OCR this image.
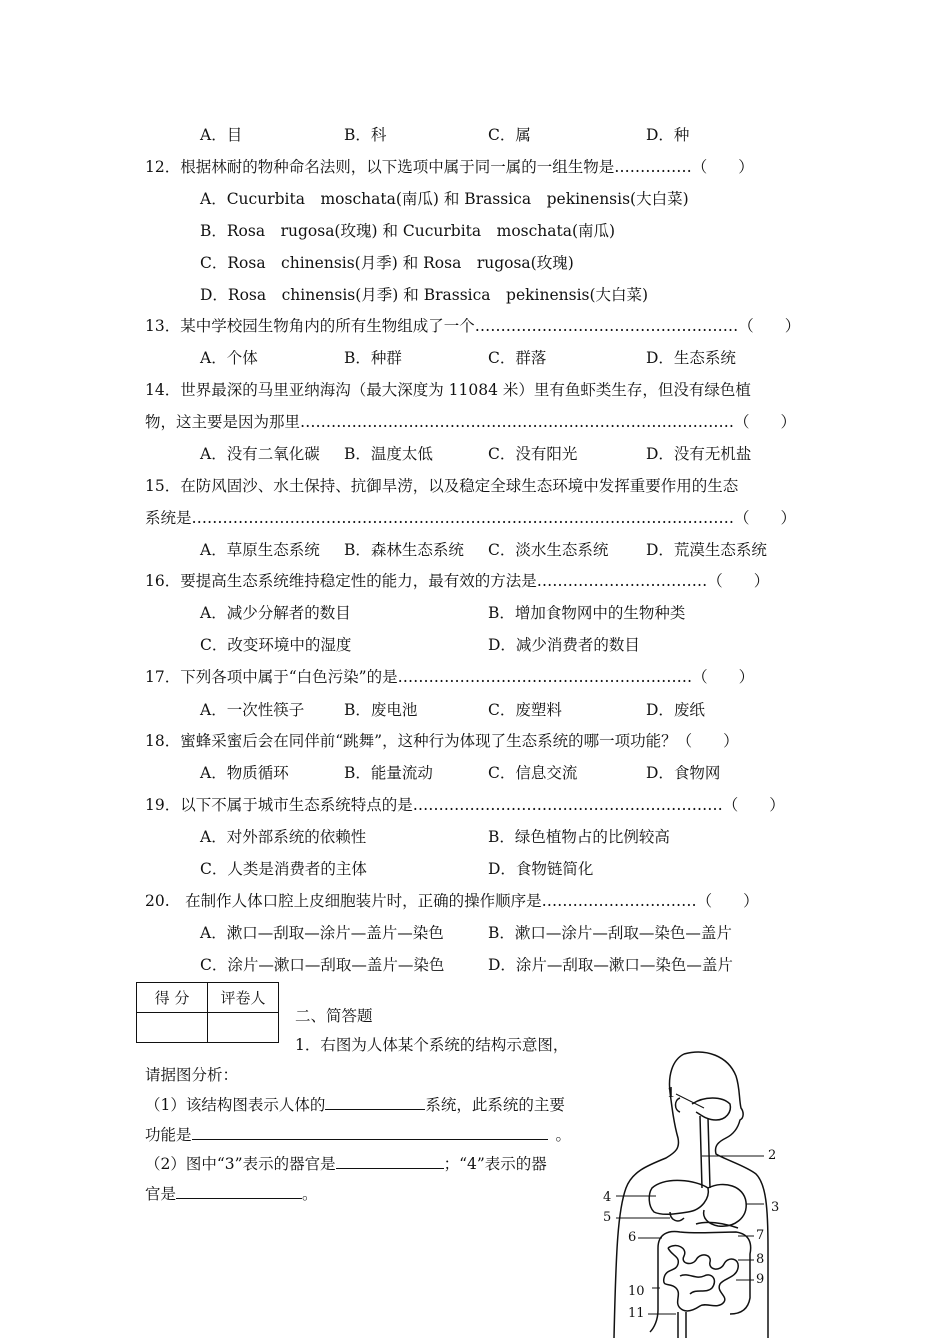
A．目	B．科	C．属	D．种
12．根据林耐的物种命名法则，以下选项中属于同一属的一组生物是……………（　　）
A．Cucurbita　moschata(南瓜) 和 Brassica　pekinensis(大白菜)
B．Rosa　rugosa(玫瑰) 和 Cucurbita　moschata(南瓜)
C．Rosa　chinensis(月季) 和 Rosa　rugosa(玫瑰)
D．Rosa　chinensis(月季) 和 Brassica　pekinensis(大白菜)
13．某中学校园生物角内的所有生物组成了一个……………………………………………（　　）
A．个体	B．种群	C．群落	D．生态系统
14．世界最深的马里亚纳海沟（最大深度为 11084 米）里有鱼虾类生存，但没有绿色植
物，这主要是因为那里…………………………………………………………………………（　　）
A．没有二氧化碳 B．温度太低	C．没有阳光	D．没有无机盐
15．在防风固沙、水土保持、抗御旱涝，以及稳定全球生态环境中发挥重要作用的生态
系统是……………………………………………………………………………………………（　　）
A．草原生态系统 B．森林生态系统 C．淡水生态系统 D．荒漠生态系统
16．要提高生态系统维持稳定性的能力，最有效的方法是……………………………（　　）
A．减少分解者的数目	B．增加食物网中的生物种类
C．改变环境中的湿度	D．减少消费者的数目
17．下列各项中属于“白色污染”的是…………………………………………………（　　）
A．一次性筷子	B．废电池	C．废塑料	D．废纸
18．蜜蜂采蜜后会在同伴前“跳舞”，这种行为体现了生态系统的哪一项功能？（　　）
A．物质循环	B．能量流动	C．信息交流	D．食物网
19．以下不属于城市生态系统特点的是……………………………………………………（　　）
A．对外部系统的依赖性	B．绿色植物占的比例较高
C．人类是消费者的主体	D．食物链简化
20.　在制作人体口腔上皮细胞装片时，正确的操作顺序是…………………………（　　）
A．漱口—刮取—涂片—盖片—染色	B．漱口—涂片—刮取—染色—盖片
C．涂片—漱口—刮取—盖片—染色	D．涂片—刮取—漱口—染色—盖片
得 分	评卷人

二、简答题
1．右图为人体某个系统的结构示意图，
请据图分析：
（1）该结构图表示人体的	系统，此系统的主要
功能是	。
（2）图中“3”表示的器官是	；“4”表示的器
官是	。
1
2
3
4
5
6	7
8
9
10
11
